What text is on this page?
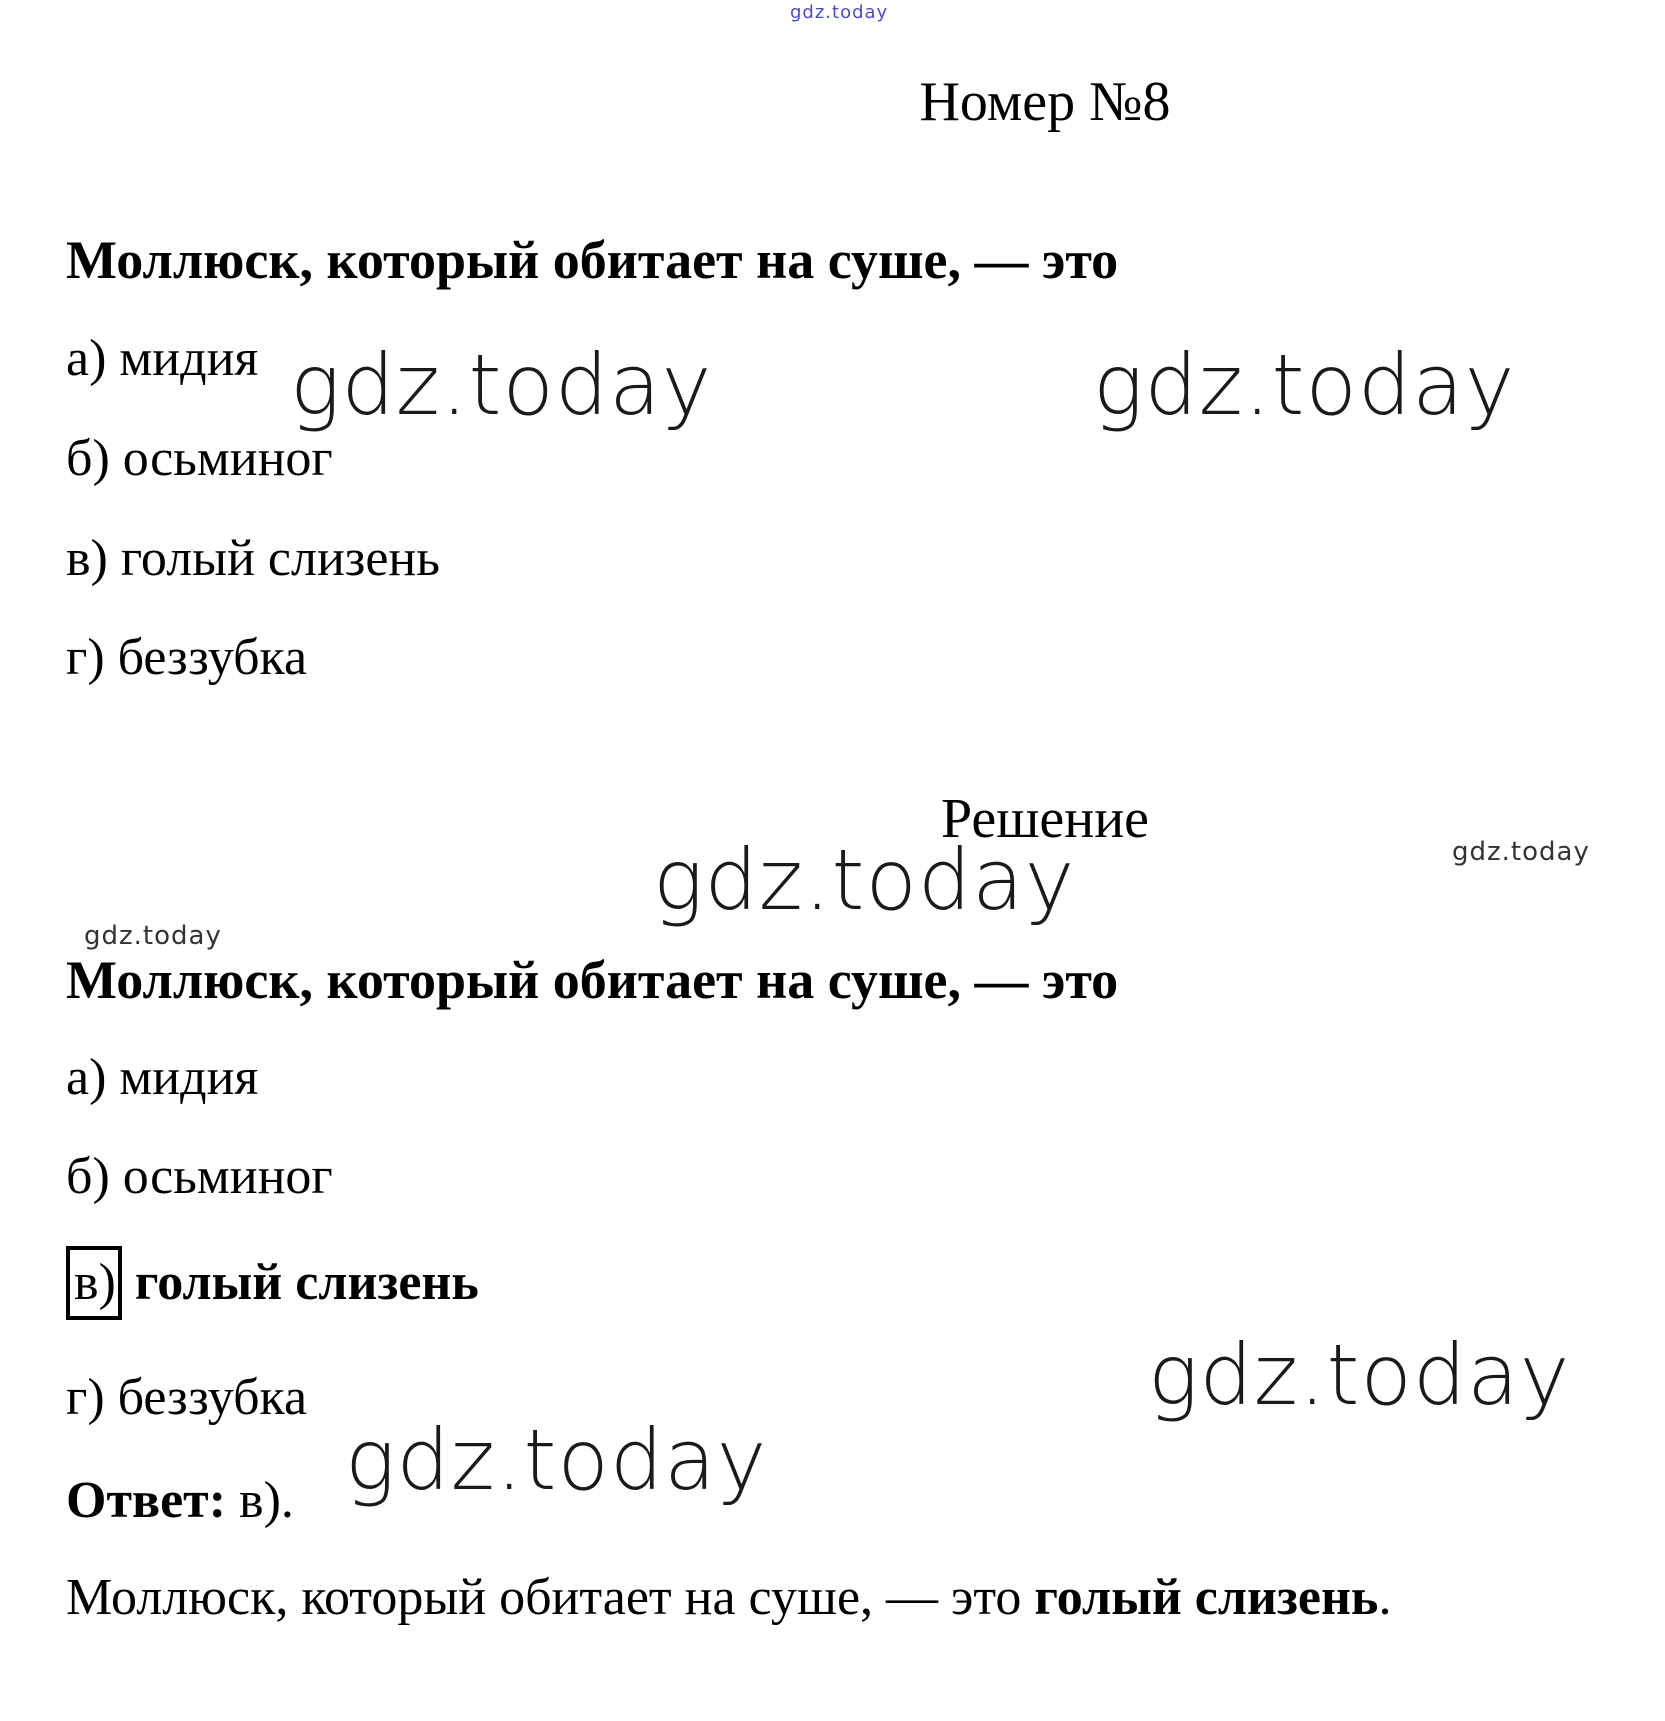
gdz.today
Номер №8
Моллюск, который обитает на суше, — это
а) мидия
б) осьминог
в) голый слизень
г) беззубка
gdz.today	gdz.today
Решение
gdz.today	gdz.today
gdz.today
Моллюск, который обитает на суше, — это
а) мидия
б) осьминог
в) голый слизень
г) беззубка	gdz.today
gdz.today
Ответ: в).
Моллюск, который обитает на суше, — это голый слизень.
